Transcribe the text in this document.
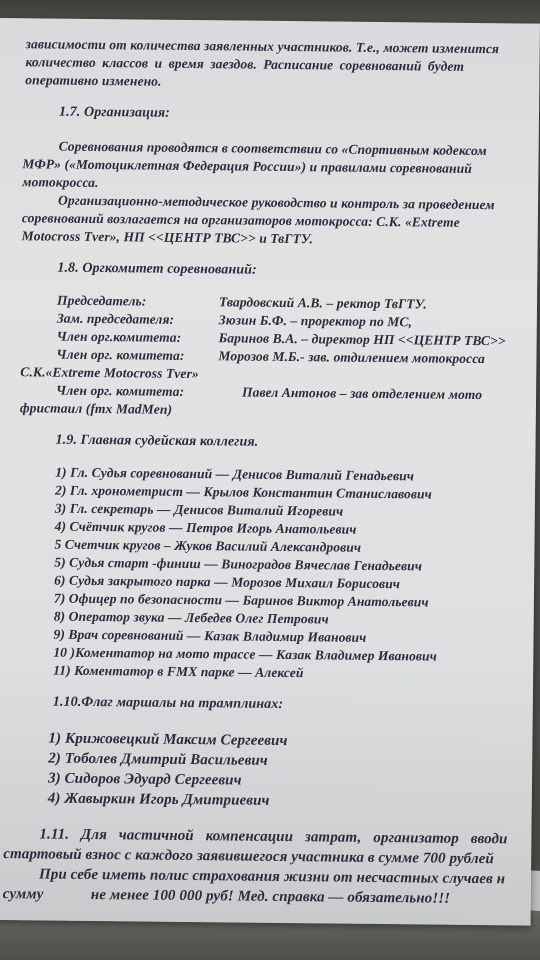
зависимости от количества заявленных участников. Т.е., может изменится
количество классов и время заездов. Расписание соревнований будет
оперативно изменено.
1.7. Организация:
Соревнования проводятся в соответствии со «Спортивным кодексом
МФР» («Мотоциклетная Федерация России») и правилами соревнований
мотокросса.
Организационно-методическое руководство и контроль за проведением
соревнований возлагается на организаторов мотокросса: С.К. «Extreme
Motocross Tver», НП <<ЦЕНТР ТВС>> и ТвГТУ.
1.8. Оргкомитет соревнований:
Председатель:	Твардовский А.В. – ректор ТвГТУ.
Зам. председателя:	Зюзин Б.Ф. – проректор по МС,
Член орг.комитета:	Баринов В.А. – директор НП <<ЦЕНТР ТВС>>
Член орг. комитета:	Морозов М.Б.- зав. отдилением мотокросса
С.К.«Extreme Motocross Tver»
Член орг. комитета:	Павел Антонов – зав отделением мото
фристаил (fmx MadMen)
1.9. Главная судейская коллегия.
1) Гл. Судья соревнований — Денисов Виталий Генадьевич
2) Гл. хронометрист — Крылов Константин Станиславович
3) Гл. секретарь — Денисов Виталий Игоревич
4) Счётчик кругов — Петров Игорь Анатольевич
5 Счетчик кругов – Жуков Василий Александрович
5) Судья старт -финиш — Виноградов Вячеслав Генадьевич
6) Судья закрытого парка — Морозов Михаил Борисович
7) Офицер по безопасности — Баринов Виктор Анатольевич
8) Оператор звука — Лебедев Олег Петрович
9) Врач соревнований — Казак Владимир Иванович
10 )Коментатор на мото трассе — Казак Владимер Иванович
11) Коментатор в FMX парке — Алексей
1.10.Флаг маршалы на трамплинах:
1) Крижовецкий Максим Сергеевич
2) Тоболев Дмитрий Васильевич
3) Сидоров Эдуард Сергеевич
4) Жавыркин Игорь Дмитриевич
1.11. Для частичной компенсации затрат, организатор вводи
стартовый взнос с каждого заявившегося участника в сумме 700 рублей
При себе иметь полис страхования жизни от несчастных случаев н
сумму	не менее 100 000 руб! Мед. справка — обязательно!!!
